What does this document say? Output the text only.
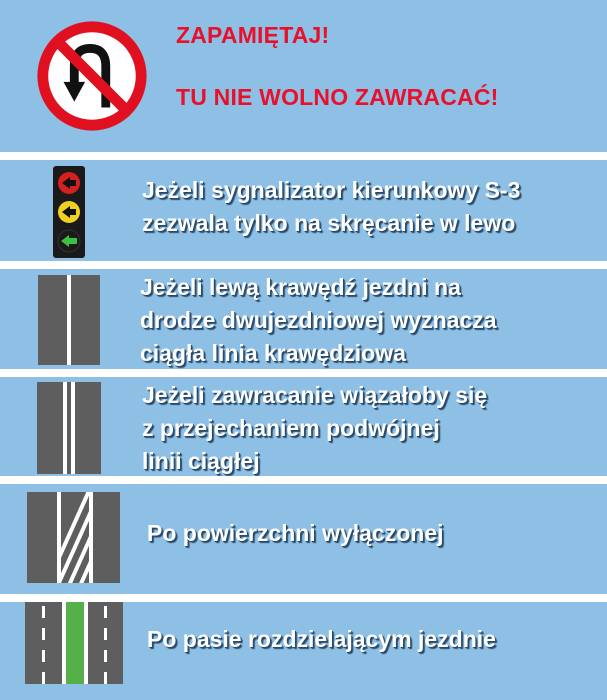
ZAPAMIĘTAJ!
TU NIE WOLNO ZAWRACAĆ!
Jeżeli sygnalizator kierunkowy S-3
zezwala tylko na skręcanie w lewo
Jeżeli lewą krawędź jezdni na
drodze dwujezdniowej wyznacza
ciągła linia krawędziowa
Jeżeli zawracanie wiązałoby się
z przejechaniem podwójnej
linii ciągłej
Po powierzchni wyłączonej
Po pasie rozdzielającym jezdnie
